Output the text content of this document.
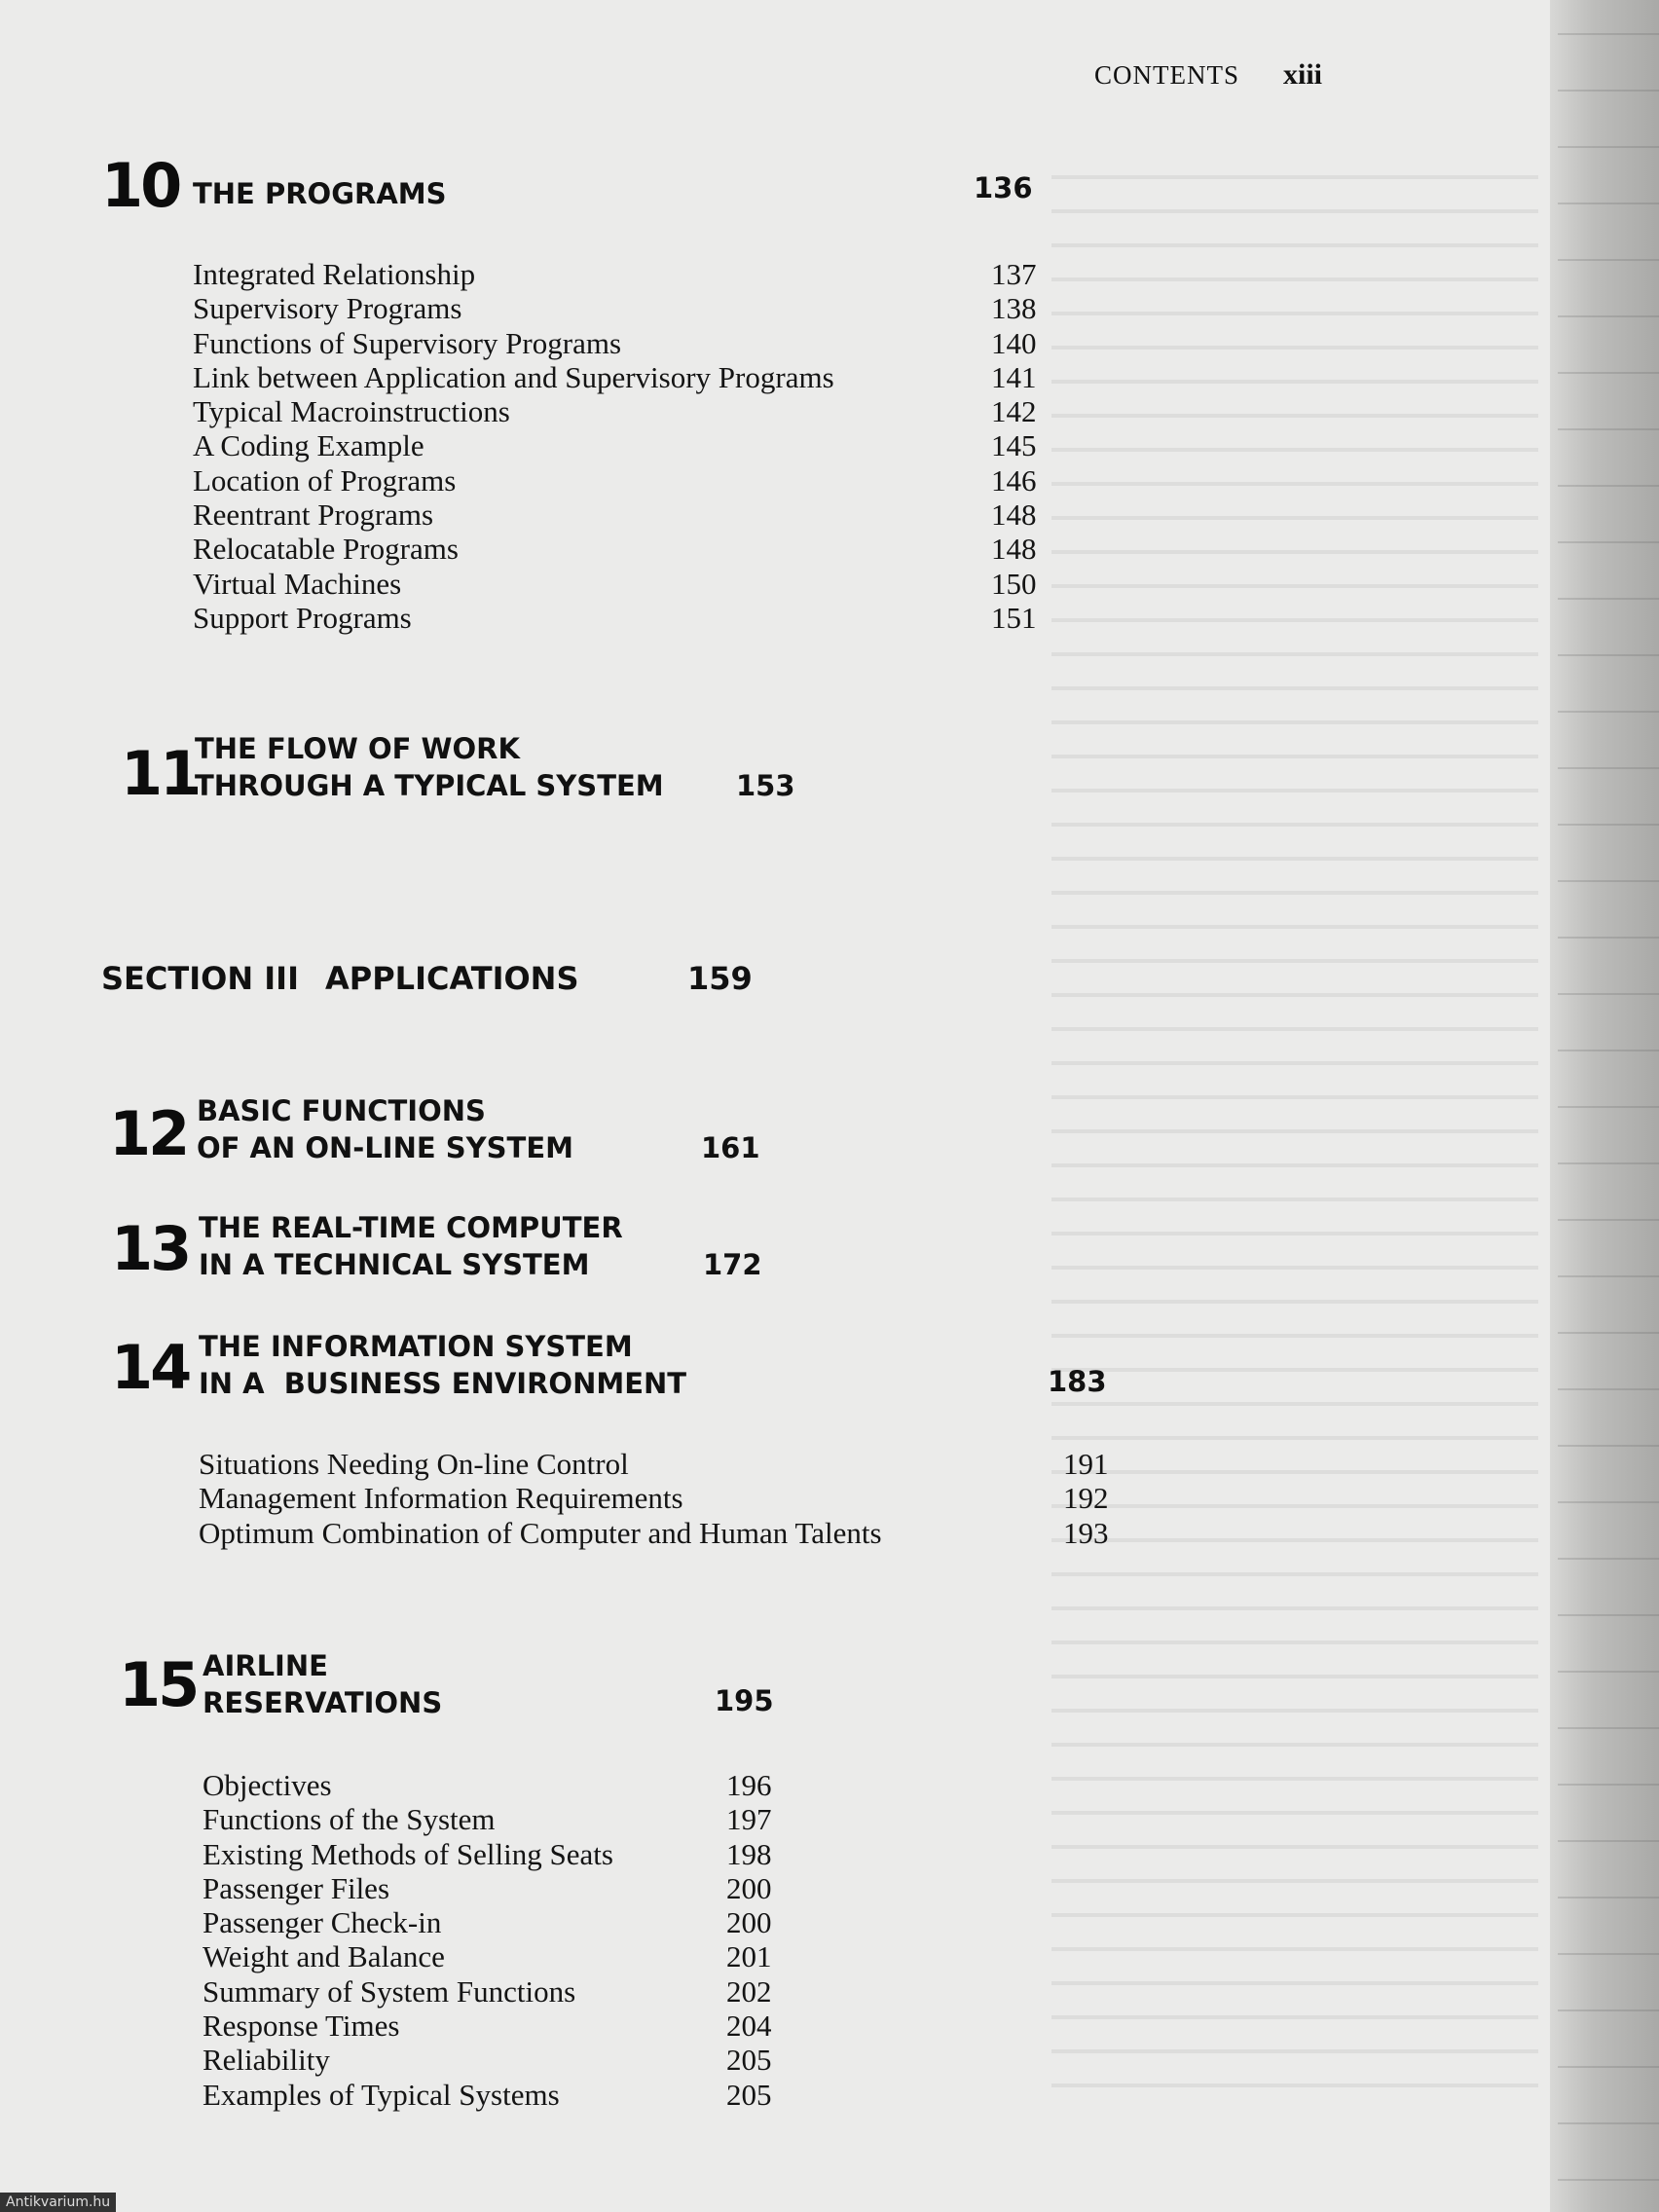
CONTENTS xiii
10 THE PROGRAMS	136
Integrated Relationship	137
Supervisory Programs	138
Functions of Supervisory Programs	140
Link between Application and Supervisory Programs	141
Typical Macroinstructions	142
A Coding Example	145
Location of Programs	146
Reentrant Programs	148
Relocatable Programs	148
Virtual Machines	150
Support Programs	151
11
THE FLOW OF WORK
THROUGH A TYPICAL SYSTEM	153
SECTION III APPLICATIONS	159
12 BASIC FUNCTIONS
OF AN ON-LINE SYSTEM	161
13 THE REAL-TIME COMPUTER
IN A TECHNICAL SYSTEM	172
14 THE INFORMATION SYSTEM
IN A  BUSINESS ENVIRONMENT	183
Situations Needing On-line Control	191
Management Information Requirements	192
Optimum Combination of Computer and Human Talents	193
15 AIRLINE
RESERVATIONS	195
Objectives	196
Functions of the System	197
Existing Methods of Selling Seats	198
Passenger Files	200
Passenger Check-in	200
Weight and Balance	201
Summary of System Functions	202
Response Times	204
Reliability	205
Examples of Typical Systems	205
Antikvarium.hu
